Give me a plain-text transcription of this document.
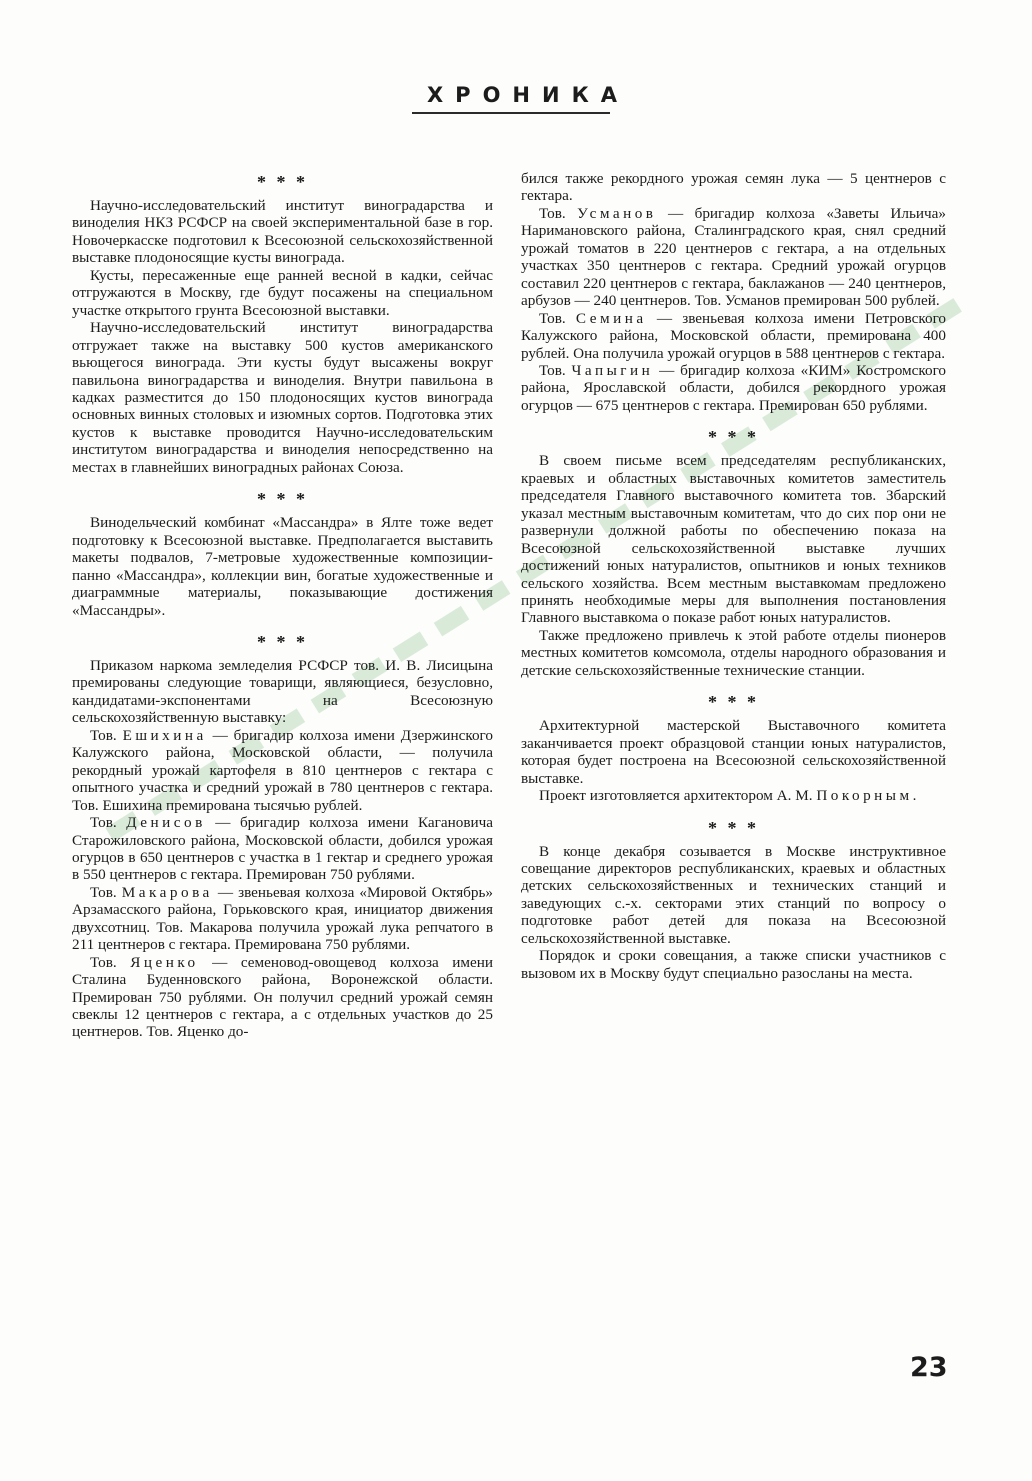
ХРОНИКА
* * *

Научно-исследовательский институт виноградарства и виноделия НКЗ РСФСР на своей экспериментальной базе в гор. Новочеркасске подготовил к Всесоюзной сельскохозяйственной выставке плодоносящие кусты винограда.

Кусты, пересаженные еще ранней весной в кадки, сейчас отгружаются в Москву, где будут посажены на специальном участке открытого грунта Всесоюзной выставки.

Научно-исследовательский институт виноградарства отгружает также на выставку 500 кустов американского вьющегося винограда. Эти кусты будут высажены вокруг павильона виноградарства и виноделия. Внутри павильона в кадках разместится до 150 плодоносящих кустов винограда основных винных столовых и изюмных сортов. Подготовка этих кустов к выставке проводится Научно-исследовательским институтом виноградарства и виноделия непосредственно на местах в главнейших виноградных районах Союза.

* * *

Винодельческий комбинат «Массандра» в Ялте тоже ведет подготовку к Всесоюзной выставке. Предполагается выставить макеты подвалов, 7-метровые художественные композиции-панно «Массандра», коллекции вин, богатые художественные и диаграммные материалы, показывающие достижения «Массандры».

* * *

Приказом наркома земледелия РСФСР тов. И. В. Лисицына премированы следующие товарищи, являющиеся, безусловно, кандидатами-экспонентами на Всесоюзную сельскохозяйственную выставку:

Тов. Ешихина — бригадир колхоза имени Дзержинского Калужского района, Московской области, — получила рекордный урожай картофеля в 810 центнеров с гектара с опытного участка и средний урожай в 780 центнеров с гектара. Тов. Ешихина премирована тысячью рублей.

Тов. Денисов — бригадир колхоза имени Кагановича Старожиловского района, Московской области, добился урожая огурцов в 650 центнеров с участка в 1 гектар и среднего урожая в 550 центнеров с гектара. Премирован 750 рублями.

Тов. Макарова — звеньевая колхоза «Мировой Октябрь» Арзамасского района, Горьковского края, инициатор движения двухсотниц. Тов. Макарова получила урожай лука репчатого в 211 центнеров с гектара. Премирована 750 рублями.

Тов. Яценко — семеновод-овощевод колхоза имени Сталина Буденновского района, Воронежской области. Премирован 750 рублями. Он получил средний урожай семян свеклы 12 центнеров с гектара, а с отдельных участков до 25 центнеров. Тов. Яценко до-

бился также рекордного урожая семян лука — 5 центнеров с гектара.

Тов. Усманов — бригадир колхоза «Заветы Ильича» Наримановского района, Сталинградского края, снял средний урожай томатов в 220 центнеров с гектара, а на отдельных участках 350 центнеров с гектара. Средний урожай огурцов составил 220 центнеров с гектара, баклажанов — 240 центнеров, арбузов — 240 центнеров. Тов. Усманов премирован 500 рублей.

Тов. Семина — звеньевая колхоза имени Петровского Калужского района, Московской области, премирована 400 рублей. Она получила урожай огурцов в 588 центнеров с гектара.

Тов. Чапыгин — бригадир колхоза «КИМ» Костромского района, Ярославской области, добился рекордного урожая огурцов — 675 центнеров с гектара. Премирован 650 рублями.

* * *

В своем письме всем председателям республиканских, краевых и областных выставочных комитетов заместитель председателя Главного выставочного комитета тов. Збарский указал местным выставочным комитетам, что до сих пор они не развернули должной работы по обеспечению показа на Всесоюзной сельскохозяйственной выставке лучших достижений юных натуралистов, опытников и юных техников сельского хозяйства. Всем местным выставкомам предложено принять необходимые меры для выполнения постановления Главного выставкома о показе работ юных натуралистов.

Также предложено привлечь к этой работе отделы пионеров местных комитетов комсомола, отделы народного образования и детские сельскохозяйственные технические станции.

* * *

Архитектурной мастерской Выставочного комитета заканчивается проект образцовой станции юных натуралистов, которая будет построена на Всесоюзной сельскохозяйственной выставке.

Проект изготовляется архитектором А. М. Покорным.

* * *

В конце декабря созывается в Москве инструктивное совещание директоров республиканских, краевых и областных детских сельскохозяйственных и технических станций и заведующих с.-х. секторами этих станций по вопросу о подготовке работ детей для показа на Всесоюзной сельскохозяйственной выставке.

Порядок и сроки совещания, а также списки участников с вызовом их в Москву будут специально разосланы на места.

23
